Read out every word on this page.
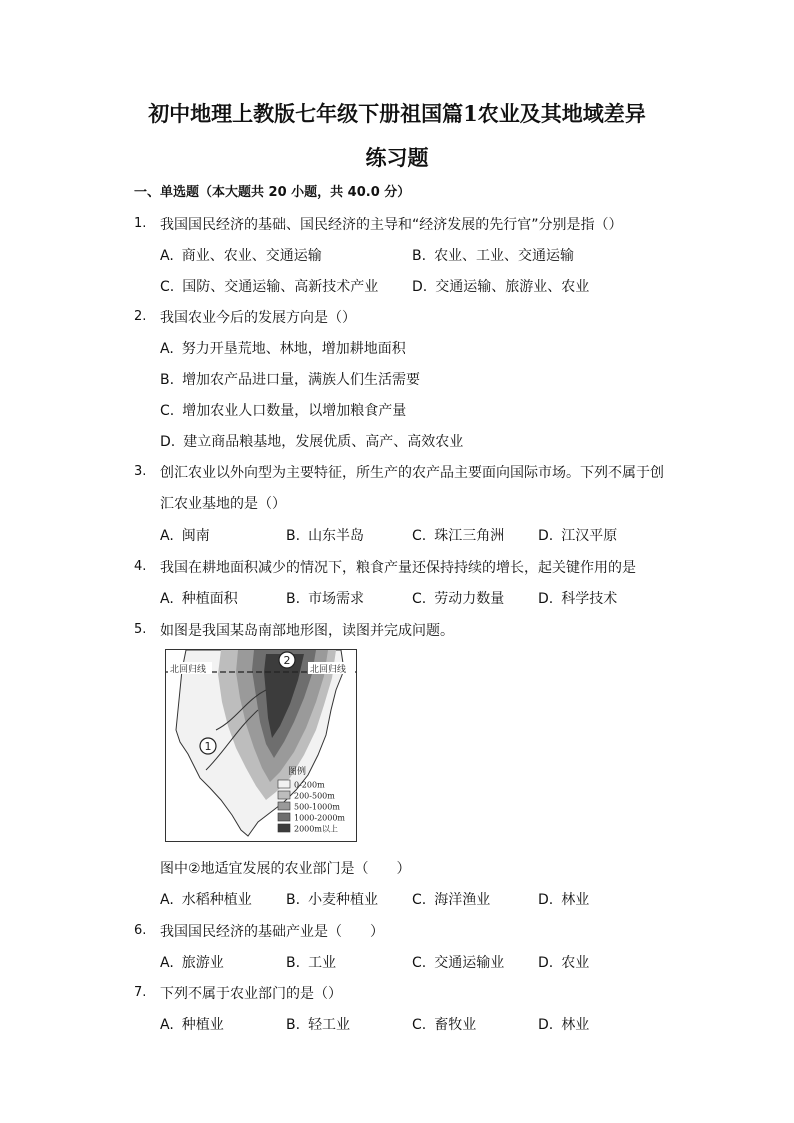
初中地理上教版七年级下册祖国篇1农业及其地域差异
练习题
一、单选题（本大题共 20 小题，共 40.0 分）
1. 我国国民经济的基础、国民经济的主导和“经济发展的先行官”分别是指（）
A. 商业、农业、交通运输	B. 农业、工业、交通运输
C. 国防、交通运输、高新技术产业 D. 交通运输、旅游业、农业
2. 我国农业今后的发展方向是（）
A. 努力开垦荒地、林地，增加耕地面积
B. 增加农产品进口量，满族人们生活需要
C. 增加农业人口数量，以增加粮食产量
D. 建立商品粮基地，发展优质、高产、高效农业
3. 创汇农业以外向型为主要特征，所生产的农产品主要面向国际市场。下列不属于创
汇农业基地的是（）
A. 闽南	B. 山东半岛	C. 珠江三角洲 D. 江汉平原
4. 我国在耕地面积减少的情况下，粮食产量还保持持续的增长，起关键作用的是
A. 种植面积	B. 市场需求	C. 劳动力数量 D. 科学技术
5. 如图是我国某岛南部地形图，读图并完成问题。
北回归线	北回归线
2
1
图例
0-200m
200-500m
500-1000m
1000-2000m
2000m以上
图中②地适宜发展的农业部门是（　　）
A. 水稻种植业 B. 小麦种植业 C. 海洋渔业	D. 林业
6. 我国国民经济的基础产业是（　　）
A. 旅游业	B. 工业	C. 交通运输业 D. 农业
7. 下列不属于农业部门的是（）
A. 种植业	B. 轻工业	C. 畜牧业	D. 林业
